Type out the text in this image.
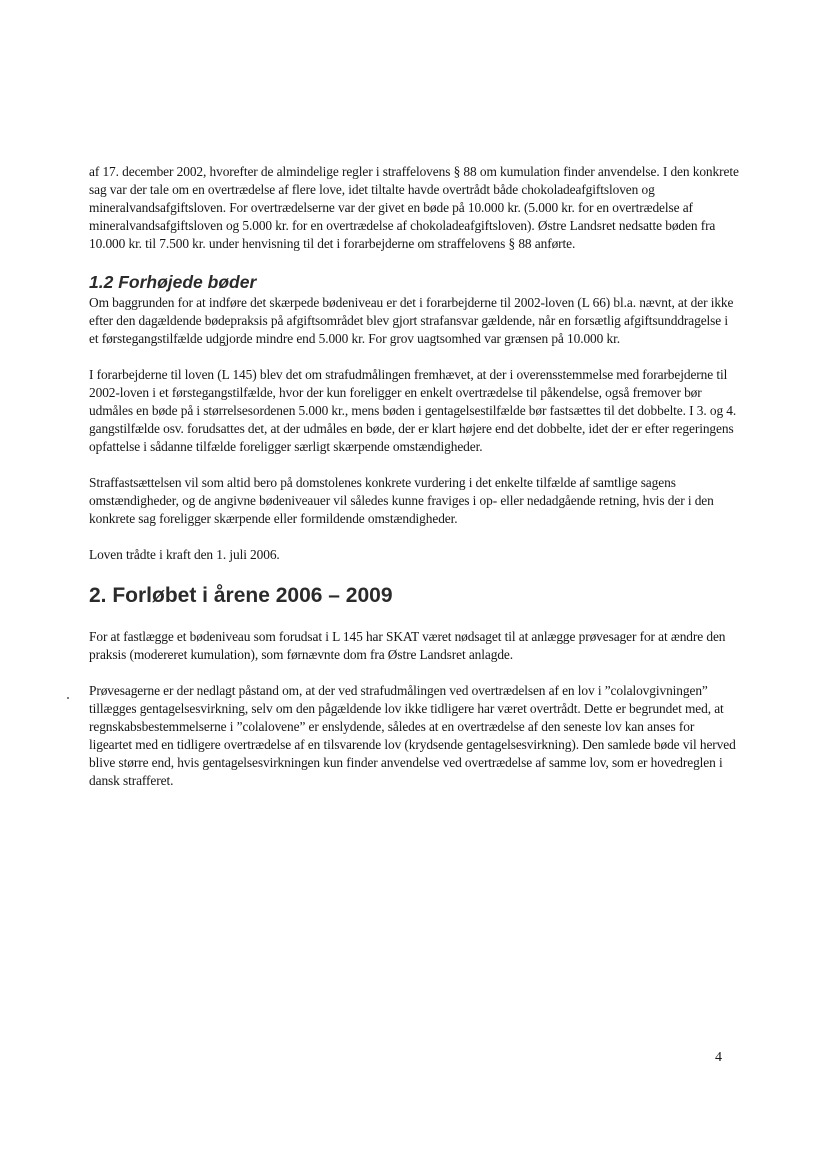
af 17. december 2002, hvorefter de almindelige regler i straffelovens § 88 om kumulation finder anvendelse. I den konkrete sag var der tale om en overtrædelse af flere love, idet tiltalte havde overtrådt både chokoladeafgiftsloven og mineralvandsafgiftsloven. For overtrædelserne var der givet en bøde på 10.000 kr. (5.000 kr. for en overtrædelse af mineralvandsafgiftsloven og 5.000 kr. for en overtrædelse af chokoladeafgiftsloven). Østre Landsret nedsatte bøden fra 10.000 kr. til 7.500 kr. under henvisning til det i forarbejderne om straffelovens § 88 anførte.

1.2 Forhøjede bøder

Om baggrunden for at indføre det skærpede bødeniveau er det i forarbejderne til 2002-loven (L 66) bl.a. nævnt, at der ikke efter den dagældende bødepraksis på afgiftsområdet blev gjort strafansvar gældende, når en forsætlig afgiftsunddragelse i et førstegangstilfælde udgjorde mindre end 5.000 kr. For grov uagtsomhed var grænsen på 10.000 kr.

I forarbejderne til loven (L 145) blev det om strafudmålingen fremhævet, at der i overensstemmelse med forarbejderne til 2002-loven i et førstegangstilfælde, hvor der kun foreligger en enkelt overtrædelse til påkendelse, også fremover bør udmåles en bøde på i størrelsesordenen 5.000 kr., mens bøden i gentagelsestilfælde bør fastsættes til det dobbelte. I 3. og 4. gangstilfælde osv. forudsattes det, at der udmåles en bøde, der er klart højere end det dobbelte, idet der er efter regeringens opfattelse i sådanne tilfælde foreligger særligt skærpende omstændigheder.

Straffastsættelsen vil som altid bero på domstolenes konkrete vurdering i det enkelte tilfælde af samtlige sagens omstændigheder, og de angivne bødeniveauer vil således kunne fraviges i op- eller nedadgående retning, hvis der i den konkrete sag foreligger skærpende eller formildende omstændigheder.

Loven trådte i kraft den 1. juli 2006.

2. Forløbet i årene 2006 – 2009

For at fastlægge et bødeniveau som forudsat i L 145 har SKAT været nødsaget til at anlægge prøvesager for at ændre den praksis (modereret kumulation), som førnævnte dom fra Østre Landsret anlagde.

Prøvesagerne er der nedlagt påstand om, at der ved strafudmålingen ved overtrædelsen af en lov i ”colalovgivningen” tillægges gentagelsesvirkning, selv om den pågældende lov ikke tidligere har været overtrådt. Dette er begrundet med, at regnskabsbestemmelserne i ”colalovene” er enslydende, således at en overtrædelse af den seneste lov kan anses for ligeartet med en tidligere overtrædelse af en tilsvarende lov (krydsende gentagelsesvirkning). Den samlede bøde vil herved blive større end, hvis gentagelsesvirkningen kun finder anvendelse ved overtrædelse af samme lov, som er hovedreglen i dansk strafferet.

4
